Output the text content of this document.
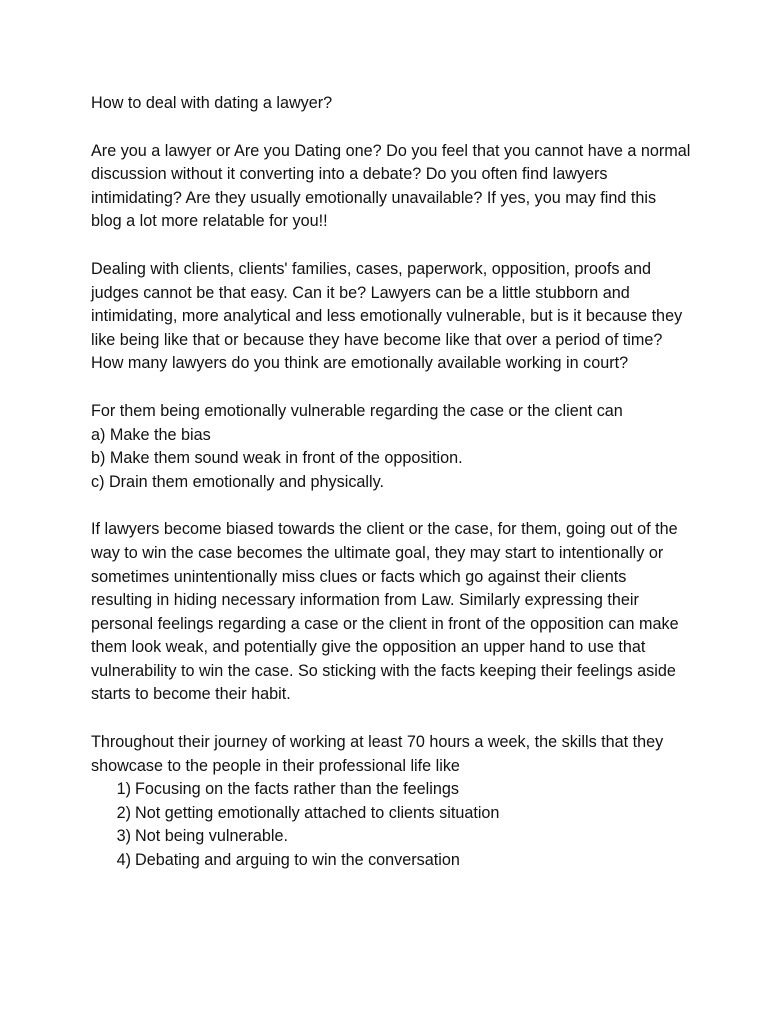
How to deal with dating a lawyer?

Are you a lawyer or Are you Dating one? Do you feel that you cannot have a normal discussion without it converting into a debate? Do you often find lawyers intimidating? Are they usually emotionally unavailable? If yes, you may find this blog a lot more relatable for you!!

Dealing with clients, clients' families, cases, paperwork, opposition, proofs and judges cannot be that easy. Can it be? Lawyers can be a little stubborn and intimidating, more analytical and less emotionally vulnerable, but is it because they like being like that or because they have become like that over a period of time? How many lawyers do you think are emotionally available working in court?

For them being emotionally vulnerable regarding the case or the client can

a) Make the bias
b) Make them sound weak in front of the opposition.
c) Drain them emotionally and physically.

If lawyers become biased towards the client or the case, for them, going out of the way to win the case becomes the ultimate goal, they may start to intentionally or sometimes unintentionally miss clues or facts which go against their clients resulting in hiding necessary information from Law. Similarly expressing their personal feelings regarding a case or the client in front of the opposition can make them look weak, and potentially give the opposition an upper hand to use that vulnerability to win the case. So sticking with the facts keeping their feelings aside starts to become their habit.

Throughout their journey of working at least 70 hours a week, the skills that they showcase to the people in their professional life like

1) Focusing on the facts rather than the feelings
2) Not getting emotionally attached to clients situation
3) Not being vulnerable.
4) Debating and arguing to win the conversation
